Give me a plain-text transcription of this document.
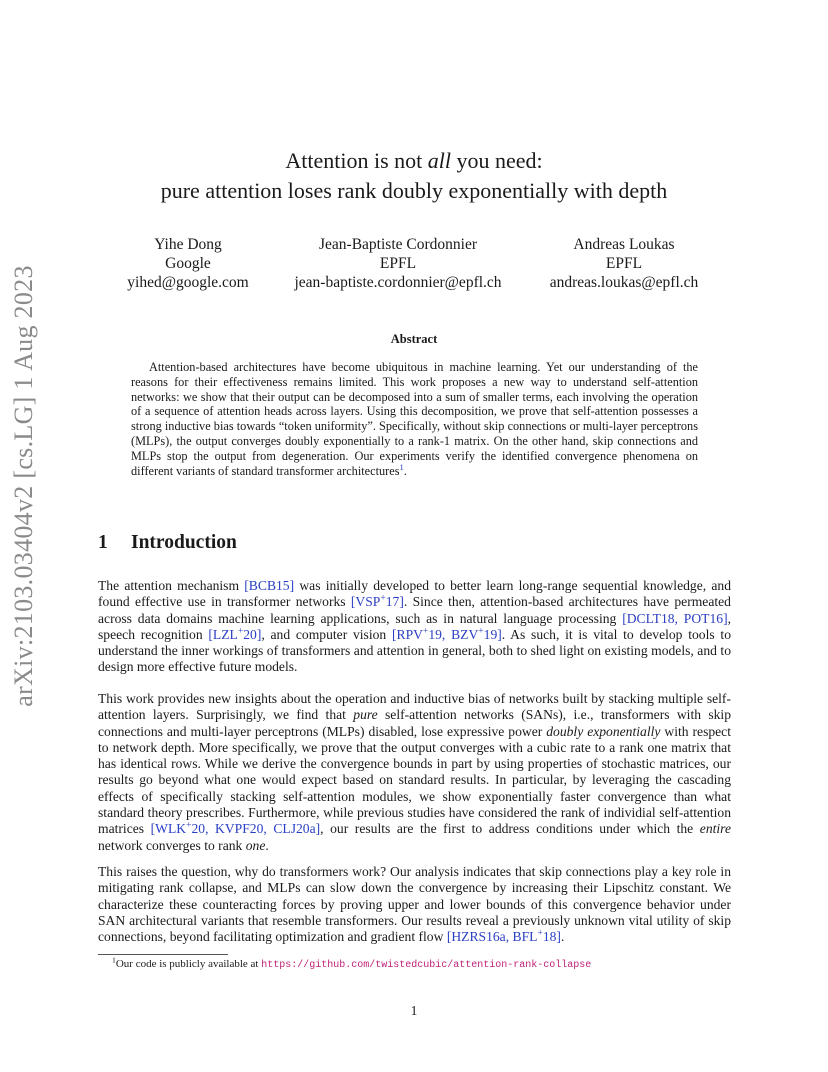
arXiv:2103.03404v2 [cs.LG] 1 Aug 2023
Attention is not all you need:
pure attention loses rank doubly exponentially with depth
Yihe Dong
Google
yihed@google.com
Jean-Baptiste Cordonnier
EPFL
jean-baptiste.cordonnier@epfl.ch
Andreas Loukas
EPFL
andreas.loukas@epfl.ch
Abstract

Attention-based architectures have become ubiquitous in machine learning. Yet our understanding of the reasons for their effectiveness remains limited. This work proposes a new way to understand self-attention networks: we show that their output can be decomposed into a sum of smaller terms, each involving the operation of a sequence of attention heads across layers. Using this decomposition, we prove that self-attention possesses a strong inductive bias towards “token uniformity”. Specifically, without skip connections or multi-layer perceptrons (MLPs), the output converges doubly exponentially to a rank-1 matrix. On the other hand, skip connections and MLPs stop the output from degeneration. Our experiments verify the identified convergence phenomena on different variants of standard transformer architectures$^1$.

1 Introduction

The attention mechanism [BCB15] was initially developed to better learn long-range sequential knowledge, and found effective use in transformer networks [VSP+17]. Since then, attention-based architectures have permeated across data domains machine learning applications, such as in natural language processing [DCLT18, POT16], speech recognition [LZL+20], and computer vision [RPV+19, BZV+19]. As such, it is vital to develop tools to understand the inner workings of transformers and attention in general, both to shed light on existing models, and to design more effective future models.

This work provides new insights about the operation and inductive bias of networks built by stacking multiple self-attention layers. Surprisingly, we find that pure self-attention networks (SANs), i.e., transformers with skip connections and multi-layer perceptrons (MLPs) disabled, lose expressive power doubly exponentially with respect to network depth. More specifically, we prove that the output converges with a cubic rate to a rank one matrix that has identical rows. While we derive the convergence bounds in part by using properties of stochastic matrices, our results go beyond what one would expect based on standard results. In particular, by leveraging the cascading effects of specifically stacking self-attention modules, we show exponentially faster convergence than what standard theory prescribes. Furthermore, while previous studies have considered the rank of individial self-attention matrices [WLK+20, KVPF20, CLJ20a], our results are the first to address conditions under which the entire network converges to rank one.

This raises the question, why do transformers work? Our analysis indicates that skip connections play a key role in mitigating rank collapse, and MLPs can slow down the convergence by increasing their Lipschitz constant. We characterize these counteracting forces by proving upper and lower bounds of this convergence behavior under SAN architectural variants that resemble transformers. Our results reveal a previously unknown vital utility of skip connections, beyond facilitating optimization and gradient flow [HZRS16a, BFL+18].

$^1$Our code is publicly available at https://github.com/twistedcubic/attention-rank-collapse
1
